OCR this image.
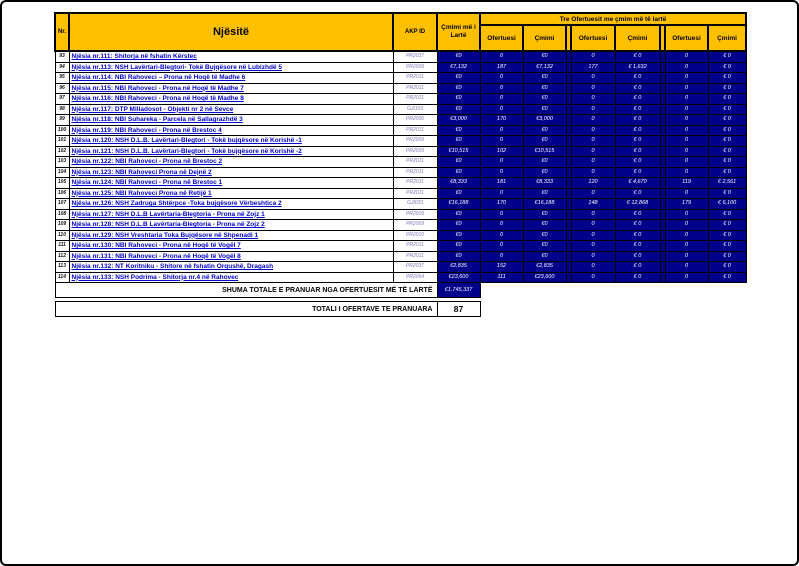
Nr.	Njësitë	AKP ID	Çmimi më i Lartë	Tre Ofertuesit me çmim më të lartë							
				Ofertuesi	Çmimi		Ofertuesi	Çmimi		Ofertuesi	Çmimi
93	Njësia nr.111: Shitorja në fshatin Kërstec	PR2037	€0	0	€0		0	€ 0		0	€ 0
94	Njësia nr.113: NSH Lavërtari-Blegtori- Tokë Bujqësore në Lubizhdë 5	PR2009	€7,132	187	€7,132		177	€ 1,632		0	€ 0
95	Njësia nr.114: NBI Rahoveci – Prona në Hoqë të Madhe 6	PR2011	€0	0	€0		0	€ 0		0	€ 0
96	Njësia nr.115: NBI Rahoveci - Prona në Hoqë të Madhe 7	PR2011	€0	0	€0		0	€ 0		0	€ 0
97	Njësia nr.116: NBI Rahoveci - Prona në Hoqë të Madhe 8	PR2011	€0	0	€0		0	€ 0		0	€ 0
98	Njësia nr.117: DTP Milladosot - Objekti nr 2 në Sevce	GJI103	€0	0	€0		0	€ 0		0	€ 0
99	Njësia nr.118: NBI Suhareka - Parcela në Sallagrazhdë 3	PR2006	€3,000	170	€3,000		0	€ 0		0	€ 0
100	Njësia nr.119: NBI Rahoveci - Prona në Brestoc 4	PR2011	€0	0	€0		0	€ 0		0	€ 0
101	Njësia nr.120: NSH D.L.B. Lavërtari-Blegtori - Tokë bujqësore në Korishë -1	PR2009	€0	0	€0		0	€ 0		0	€ 0
102	Njësia nr.121: NSH D.L.B. Lavërtari-Blegtori - Tokë bujqësore në Korishë -2	PR2009	€10,515	102	€10,515		0	€ 0		0	€ 0
103	Njësia nr.122: NBI Rahoveci - Prona në Brestoc 2	PR2011	€0	0	€0		0	€ 0		0	€ 0
104	Njësia nr.123: NBI Rahoveci Prona në Dejnë 2	PR2011	€0	0	€0		0	€ 0		0	€ 0
105	Njësia nr.124: NBI Rahoveci - Prona në Brestoc 1	PR2011	€8,333	181	€8,333		120	€ 4,670		119	€ 2,561
106	Njësia nr.125: NBI Rahoveci Prona në Retijë 1	PR2011	€0	0	€0		0	€ 0		0	€ 0
107	Njësia nr.126: NSH Zadruga Shtërpce -Toka bujqësore Vërbeshtica 2	GJI033	€16,188	170	€16,188		148	€ 12,868		179	€ 6,100
108	Njësia nr.127: NSH D.L.B Lavërtaria-Blegtoria - Prona në Zojz 1	PR2009	€0	0	€0		0	€ 0		0	€ 0
109	Njësia nr.128: NSH D.L.B Lavërtaria-Blegtoria - Prona në Zojz 2	PR2009	€0	0	€0		0	€ 0		0	€ 0
110	Njësia nr.129: NSH Vreshtaria Toka Bujqësore në Shpenadi 1	PR2010	€0	0	€0		0	€ 0		0	€ 0
111	Njësia nr.130: NBI Rahoveci - Prona në Hoqë të Vogël 7	PR2011	€0	0	€0		0	€ 0		0	€ 0
112	Njësia nr.131: NBI Rahoveci - Prona në Hoqë të Vogël 8	PR2011	€0	0	€0		0	€ 0		0	€ 0
113	Njësia nr.132: NT Koritniku - Shitore në fshatin Orqushë, Dragash	PR2037	€2,835	152	€2,835		0	€ 0		0	€ 0
114	Njësia nr.133: NSH Podrima - Shitorja nr.4 në Rahovec	PR2064	€23,600	111	€23,600		0	€ 0		0	€ 0
SHUMA TOTALE E PRANUAR NGA OFERTUESIT MË TË LARTË			€1,745,337								

TOTALI I OFERTAVE TE PRANUARA			87								
